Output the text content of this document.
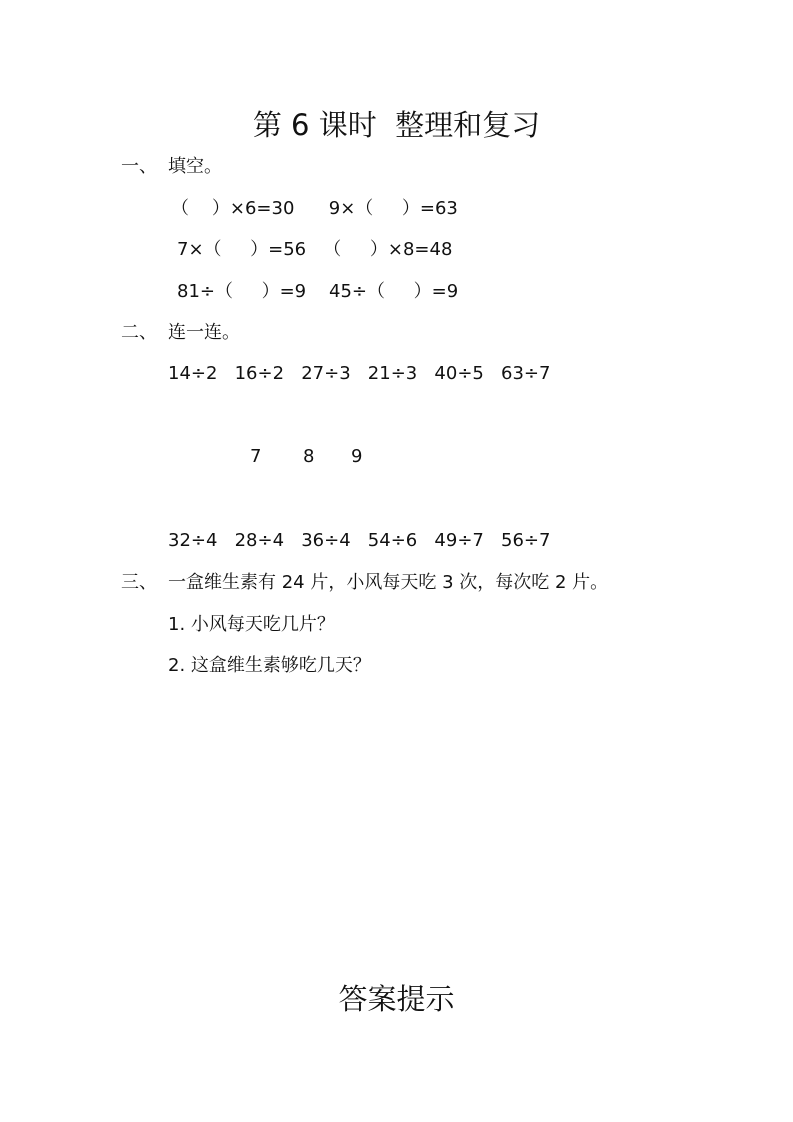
第 6 课时  整理和复习
一、 填空。
（    ）×6=30      9×（     ）=63
7×（     ）=56   （     ）×8=48
81÷（     ）=9    45÷（     ）=9
二、 连一连。
14÷2   16÷2   27÷3   21÷3   40÷5   63÷7
7 8 9
32÷4   28÷4   36÷4   54÷6   49÷7   56÷7
三、 一盒维生素有 24 片，小风每天吃 3 次，每次吃 2 片。
1. 小风每天吃几片？
2. 这盒维生素够吃几天？
答案提示
